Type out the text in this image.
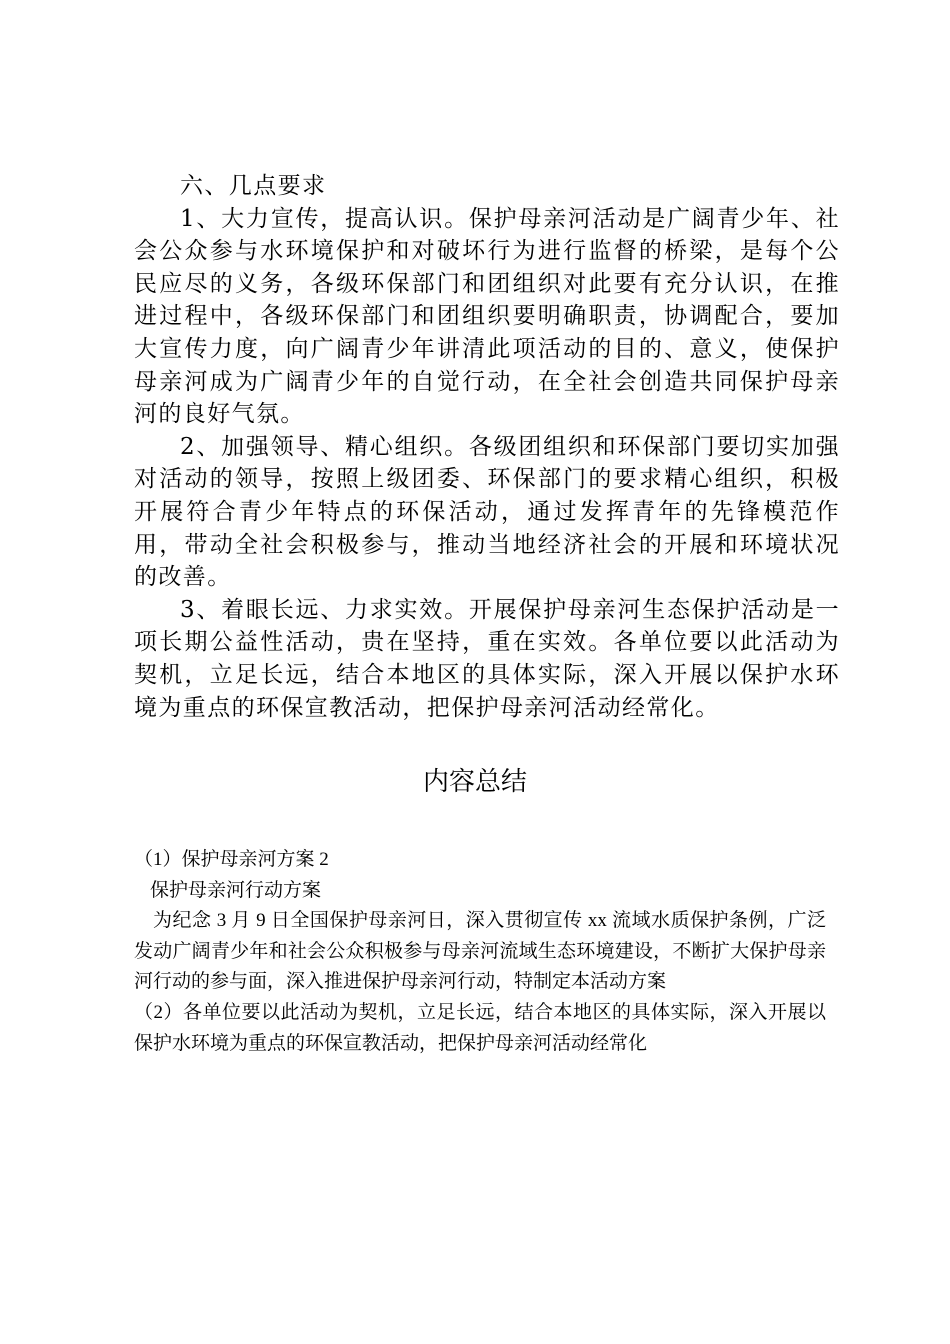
六、几点要求

1、大力宣传，提高认识。保护母亲河活动是广阔青少年、社会公众参与水环境保护和对破坏行为进行监督的桥梁，是每个公民应尽的义务，各级环保部门和团组织对此要有充分认识，在推进过程中，各级环保部门和团组织要明确职责，协调配合，要加大宣传力度，向广阔青少年讲清此项活动的目的、意义，使保护母亲河成为广阔青少年的自觉行动，在全社会创造共同保护母亲河的良好气氛。

2、加强领导、精心组织。各级团组织和环保部门要切实加强对活动的领导，按照上级团委、环保部门的要求精心组织，积极开展符合青少年特点的环保活动，通过发挥青年的先锋模范作用，带动全社会积极参与，推动当地经济社会的开展和环境状况的改善。

3、着眼长远、力求实效。开展保护母亲河生态保护活动是一项长期公益性活动，贵在坚持，重在实效。各单位要以此活动为契机，立足长远，结合本地区的具体实际，深入开展以保护水环境为重点的环保宣教活动，把保护母亲河活动经常化。

内容总结

（1）保护母亲河方案 2

保护母亲河行动方案

为纪念 3 月 9 日全国保护母亲河日，深入贯彻宣传 xx 流域水质保护条例，广泛发动广阔青少年和社会公众积极参与母亲河流域生态环境建设，不断扩大保护母亲河行动的参与面，深入推进保护母亲河行动，特制定本活动方案

（2）各单位要以此活动为契机，立足长远，结合本地区的具体实际，深入开展以保护水环境为重点的环保宣教活动，把保护母亲河活动经常化
